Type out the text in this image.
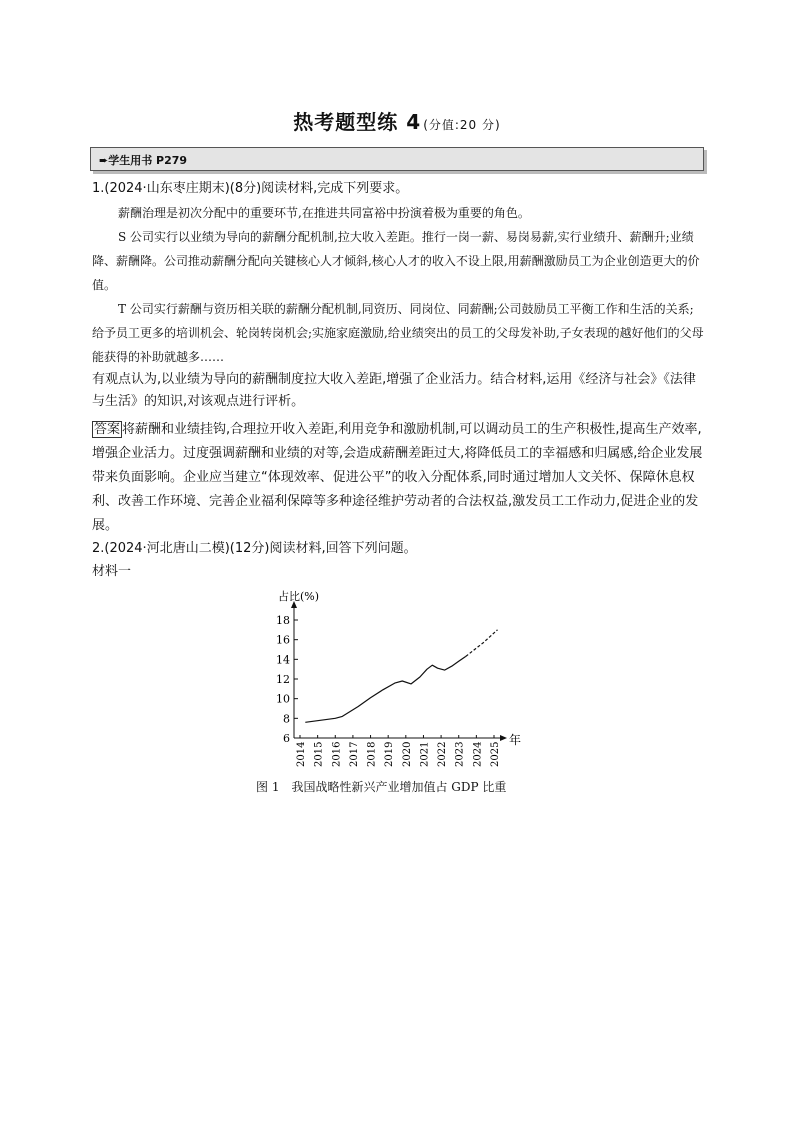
热考题型练 4 (分值:20 分)
➨学生用书 P279
1.(2024·山东枣庄期末)(8分)阅读材料,完成下列要求。
薪酬治理是初次分配中的重要环节,在推进共同富裕中扮演着极为重要的角色。
S 公司实行以业绩为导向的薪酬分配机制,拉大收入差距。推行一岗一薪、易岗易薪,实行业绩升、薪酬升;业绩降、薪酬降。公司推动薪酬分配向关键核心人才倾斜,核心人才的收入不设上限,用薪酬激励员工为企业创造更大的价值。
T 公司实行薪酬与资历相关联的薪酬分配机制,同资历、同岗位、同薪酬;公司鼓励员工平衡工作和生活的关系;给予员工更多的培训机会、轮岗转岗机会;实施家庭激励,给业绩突出的员工的父母发补助,子女表现的越好他们的父母能获得的补助就越多……
有观点认为,以业绩为导向的薪酬制度拉大收入差距,增强了企业活力。结合材料,运用《经济与社会》《法律与生活》的知识,对该观点进行评析。
答案 将薪酬和业绩挂钩,合理拉开收入差距,利用竞争和激励机制,可以调动员工的生产积极性,提高生产效率,增强企业活力。过度强调薪酬和业绩的对等,会造成薪酬差距过大,将降低员工的幸福感和归属感,给企业发展带来负面影响。企业应当建立“体现效率、促进公平”的收入分配体系,同时通过增加人文关怀、保障休息权利、改善工作环境、完善企业福利保障等多种途径维护劳动者的合法权益,激发员工工作动力,促进企业的发展。
2.(2024·河北唐山二模)(12分)阅读材料,回答下列问题。
材料一
占比(%)
年
6
8
10
12
14
16
18
2014 2015 2016 2017 2018 2019 2020 2021 2022 2023 2024 2025
图 1　我国战略性新兴产业增加值占 GDP 比重
